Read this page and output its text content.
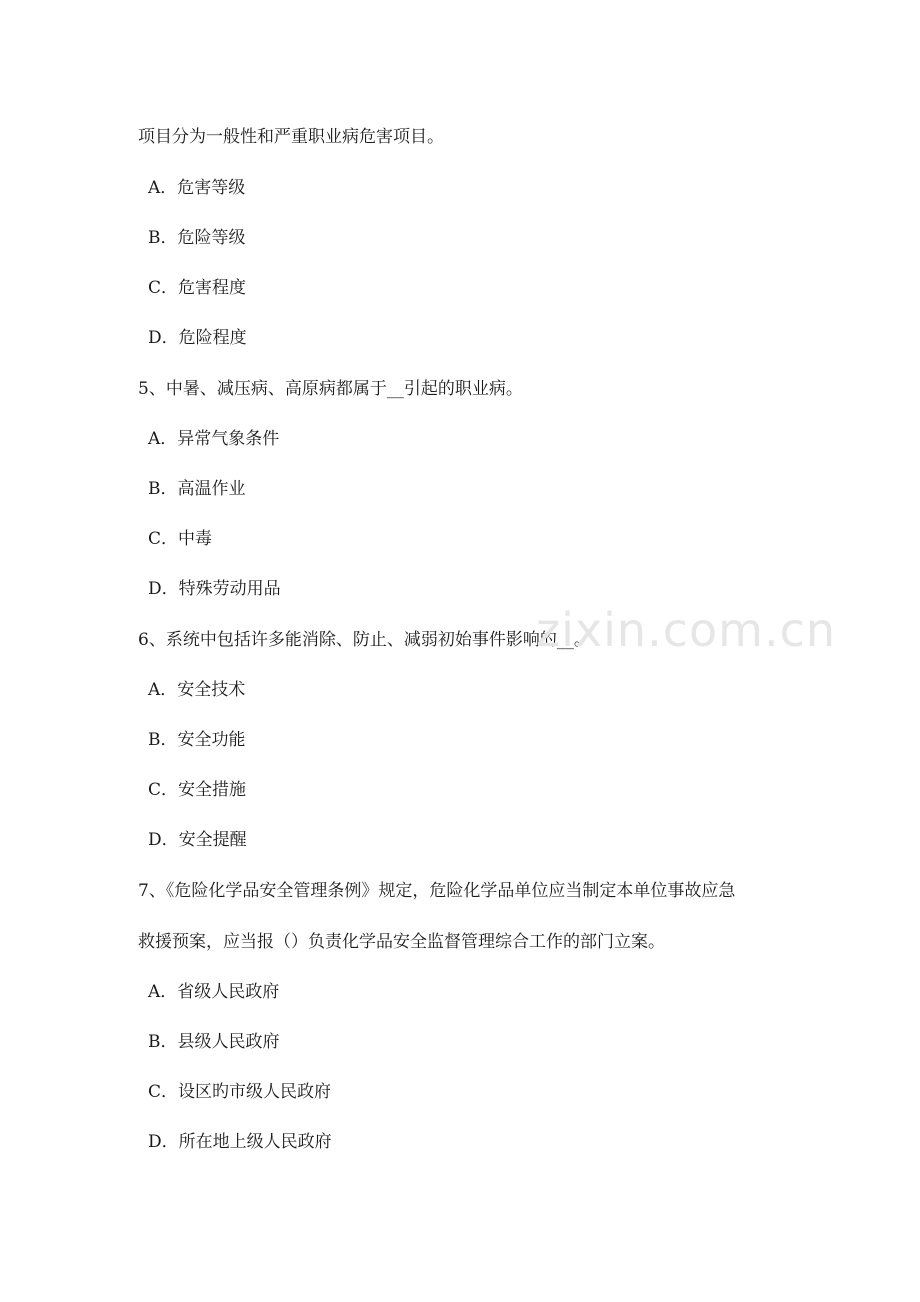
项目分为一般性和严重职业病危害项目。
A．危害等级
B．危险等级
C．危害程度
D．危险程度
5、中暑、减压病、高原病都属于__引起的职业病。
A．异常气象条件
B．高温作业
C．中毒
D．特殊劳动用品
6、系统中包括许多能消除、防止、减弱初始事件影响的__。
A．安全技术
B．安全功能
C．安全措施
D．安全提醒
7、《危险化学品安全管理条例》规定，危险化学品单位应当制定本单位事故应急
救援预案，应当报（）负责化学品安全监督管理综合工作的部门立案。
A．省级人民政府
B．县级人民政府
C．设区旳市级人民政府
D．所在地上级人民政府
zixin.com.cn
